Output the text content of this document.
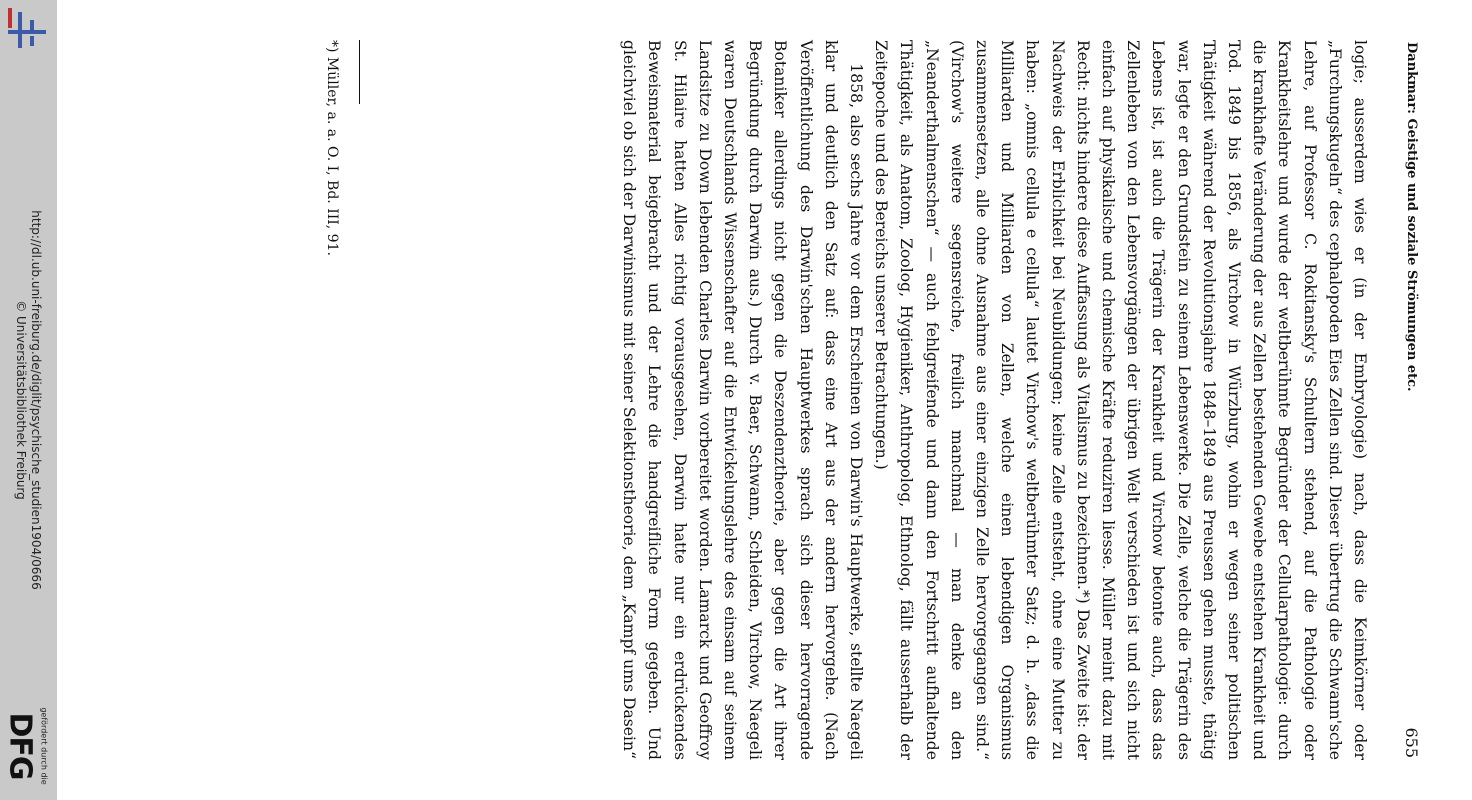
http://dl.ub.uni-freiburg.de/diglit/psychische_studien1904/0666
© Universitätsbibliothek Freiburg
DFG gefördert durch die
Dankmar: Geistige und soziale Strömungen etc.
655

logie; ausserdem wies er (in der Embryologie) nach, dass die Keimkörner oder „Furchungskugeln“ des cephalopoden Eies Zellen sind. Dieser übertrug die Schwann'sche Lehre, auf Professor C. Rokitansky's Schultern stehend, auf die Pathologie oder Krankheitslehre und wurde der weltberühmte Begründer der Cellularpathologie: durch die krankhafte Veränderung der aus Zellen bestehenden Gewebe entstehen Krankheit und Tod. 1849 bis 1856, als Virchow in Würzburg, wohin er wegen seiner politischen Thätigkeit während der Revolutionsjahre 1848–1849 aus Preussen gehen musste, thätig war, legte er den Grundstein zu seinem Lebenswerke. Die Zelle, welche die Trägerin des Lebens ist, ist auch die Trägerin der Krankheit und Virchow betonte auch, dass das Zellenleben von den Lebensvorgängen der übrigen Welt verschieden ist und sich nicht einfach auf physikalische und chemische Kräfte reduziren liesse. Müller meint dazu mit Recht: nichts hindere diese Auffassung als Vitalismus zu bezeichnen.*) Das Zweite ist: der Nachweis der Erblichkeit bei Neubildungen; keine Zelle entsteht, ohne eine Mutter zu haben: „omnis cellula e cellula“ lautet Virchow's weltberühmter Satz; d. h. „dass die Milliarden und Milliarden von Zellen, welche einen lebendigen Organismus zusammensetzen, alle ohne Ausnahme aus einer einzigen Zelle hervorgegangen sind.“ (Virchow's weitere segensreiche, freilich manchmal — man denke an den „Neanderthalmenschen“ — auch fehlgreifende und dann den Fortschritt aufhaltende Thätigkeit, als Anatom, Zoolog, Hygieniker, Anthropolog, Ethnolog, fällt ausserhalb der Zeitepoche und des Bereichs unserer Betrachtungen.)

1858, also sechs Jahre vor dem Erscheinen von Darwin's Hauptwerke, stellte Naegeli klar und deutlich den Satz auf: dass eine Art aus der andern hervorgehe. (Nach Veröffentlichung des Darwin'schen Hauptwerkes sprach sich dieser hervorragende Botaniker allerdings nicht gegen die Deszendenztheorie, aber gegen die Art ihrer Begründung durch Darwin aus.) Durch v. Baer, Schwann, Schleiden, Virchow, Naegeli waren Deutschlands Wissenschafter auf die Entwickelungslehre des einsam auf seinem Landsitze zu Down lebenden Charles Darwin vorbereitet worden. Lamarck und Geoffroy St. Hilaire hatten Alles richtig vorausgesehen, Darwin hatte nur ein erdrückendes Beweismaterial beigebracht und der Lehre die handgreifliche Form gegeben. Und gleichviel ob sich der Darwinismus mit seiner Selektionstheorie, dem „Kampf ums Dasein“

*) Müller, a. a. O. I, Bd. III, 91.
